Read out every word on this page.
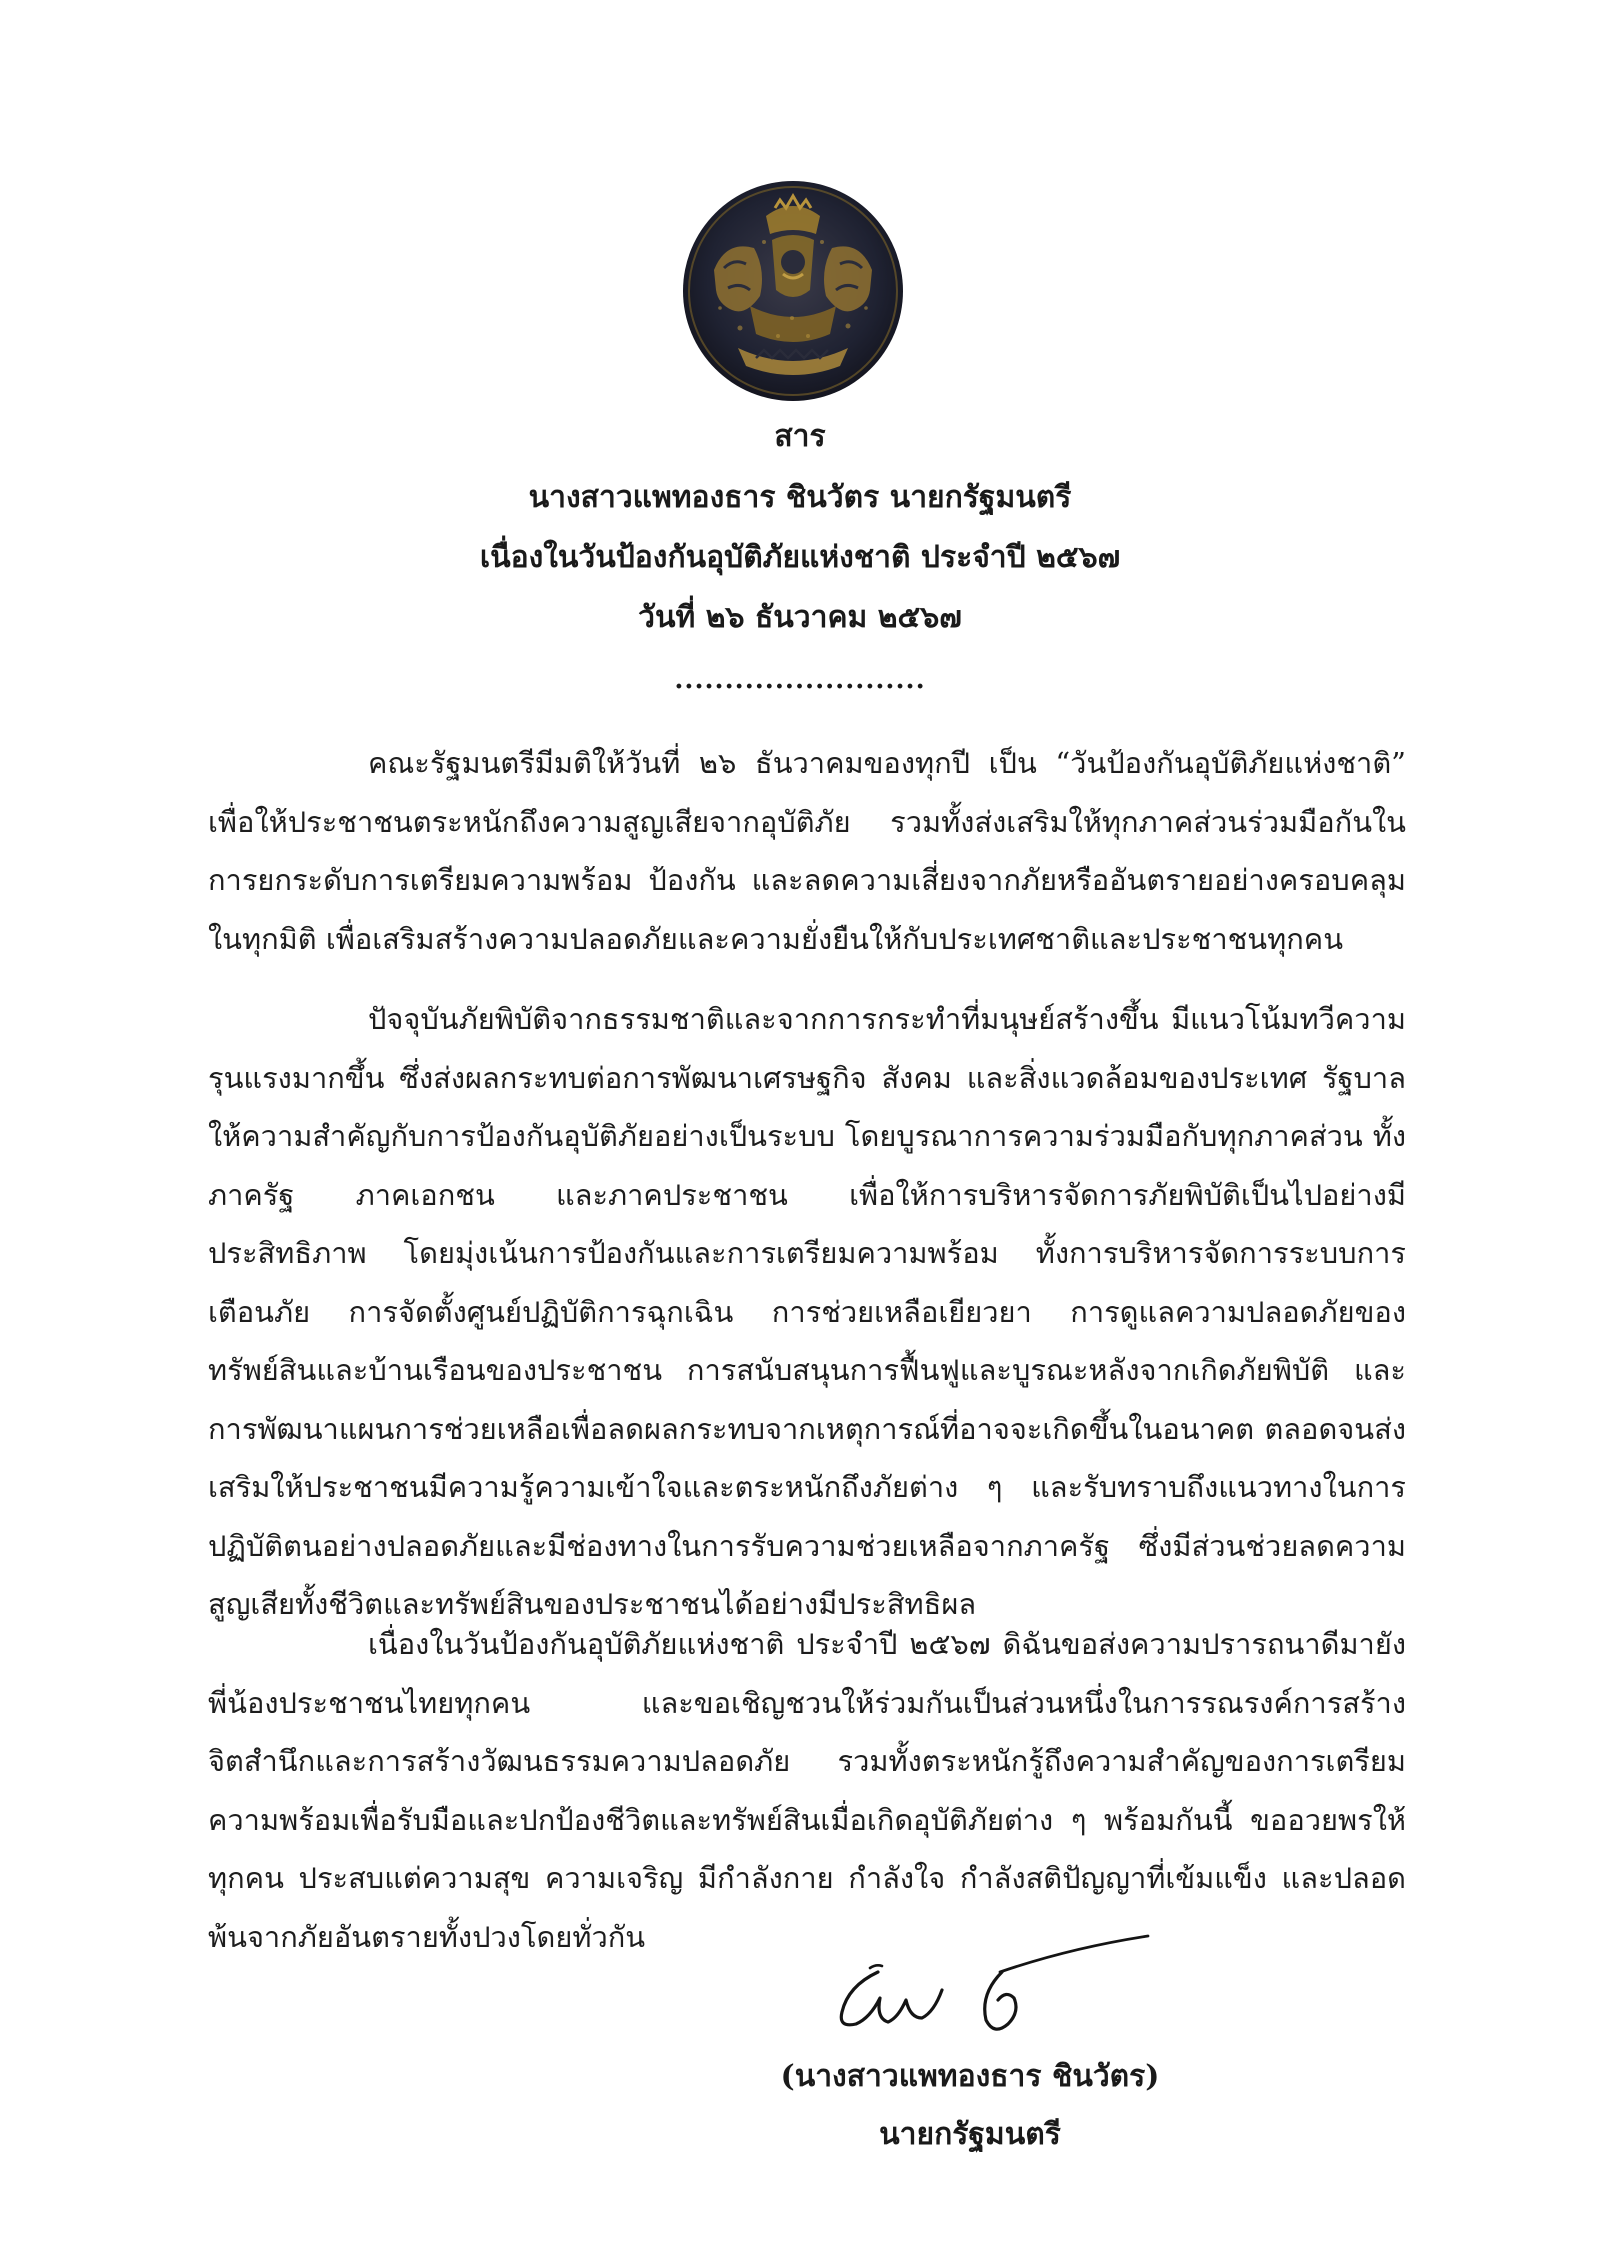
สาร
นางสาวแพทองธาร ชินวัตร นายกรัฐมนตรี
เนื่องในวันป้องกันอุบัติภัยแห่งชาติ ประจำปี ๒๕๖๗
วันที่ ๒๖ ธันวาคม ๒๕๖๗
.........................

คณะรัฐมนตรีมีมติให้วันที่ ๒๖ ธันวาคมของทุกปี เป็น “วันป้องกันอุบัติภัยแห่งชาติ” เพื่อให้ประชาชนตระหนักถึงความสูญเสียจากอุบัติภัย รวมทั้งส่งเสริมให้ทุกภาคส่วนร่วมมือกันในการยกระดับการเตรียมความพร้อม ป้องกัน และลดความเสี่ยงจากภัยหรืออันตรายอย่างครอบคลุมในทุกมิติ เพื่อเสริมสร้างความปลอดภัยและความยั่งยืนให้กับประเทศชาติและประชาชนทุกคน

ปัจจุบันภัยพิบัติจากธรรมชาติและจากการกระทำที่มนุษย์สร้างขึ้น มีแนวโน้มทวีความรุนแรงมากขึ้น ซึ่งส่งผลกระทบต่อการพัฒนาเศรษฐกิจ สังคม และสิ่งแวดล้อมของประเทศ รัฐบาลให้ความสำคัญกับการป้องกันอุบัติภัยอย่างเป็นระบบ โดยบูรณาการความร่วมมือกับทุกภาคส่วน ทั้งภาครัฐ ภาคเอกชน และภาคประชาชน เพื่อให้การบริหารจัดการภัยพิบัติเป็นไปอย่างมีประสิทธิภาพ โดยมุ่งเน้นการป้องกันและการเตรียมความพร้อม ทั้งการบริหารจัดการระบบการเตือนภัย การจัดตั้งศูนย์ปฏิบัติการฉุกเฉิน การช่วยเหลือเยียวยา การดูแลความปลอดภัยของทรัพย์สินและบ้านเรือนของประชาชน การสนับสนุนการฟื้นฟูและบูรณะหลังจากเกิดภัยพิบัติ และการพัฒนาแผนการช่วยเหลือเพื่อลดผลกระทบจากเหตุการณ์ที่อาจจะเกิดขึ้นในอนาคต ตลอดจนส่งเสริมให้ประชาชนมีความรู้ความเข้าใจและตระหนักถึงภัยต่าง ๆ และรับทราบถึงแนวทางในการปฏิบัติตนอย่างปลอดภัยและมีช่องทางในการรับความช่วยเหลือจากภาครัฐ ซึ่งมีส่วนช่วยลดความสูญเสียทั้งชีวิตและทรัพย์สินของประชาชนได้อย่างมีประสิทธิผล

เนื่องในวันป้องกันอุบัติภัยแห่งชาติ ประจำปี ๒๕๖๗ ดิฉันขอส่งความปรารถนาดีมายังพี่น้องประชาชนไทยทุกคน และขอเชิญชวนให้ร่วมกันเป็นส่วนหนึ่งในการรณรงค์การสร้างจิตสำนึกและการสร้างวัฒนธรรมความปลอดภัย รวมทั้งตระหนักรู้ถึงความสำคัญของการเตรียมความพร้อมเพื่อรับมือและปกป้องชีวิตและทรัพย์สินเมื่อเกิดอุบัติภัยต่าง ๆ พร้อมกันนี้ ขออวยพรให้ทุกคน ประสบแต่ความสุข ความเจริญ มีกำลังกาย กำลังใจ กำลังสติปัญญาที่เข้มแข็ง และปลอดพ้นจากภัยอันตรายทั้งปวงโดยทั่วกัน

(นางสาวแพทองธาร ชินวัตร)
นายกรัฐมนตรี
